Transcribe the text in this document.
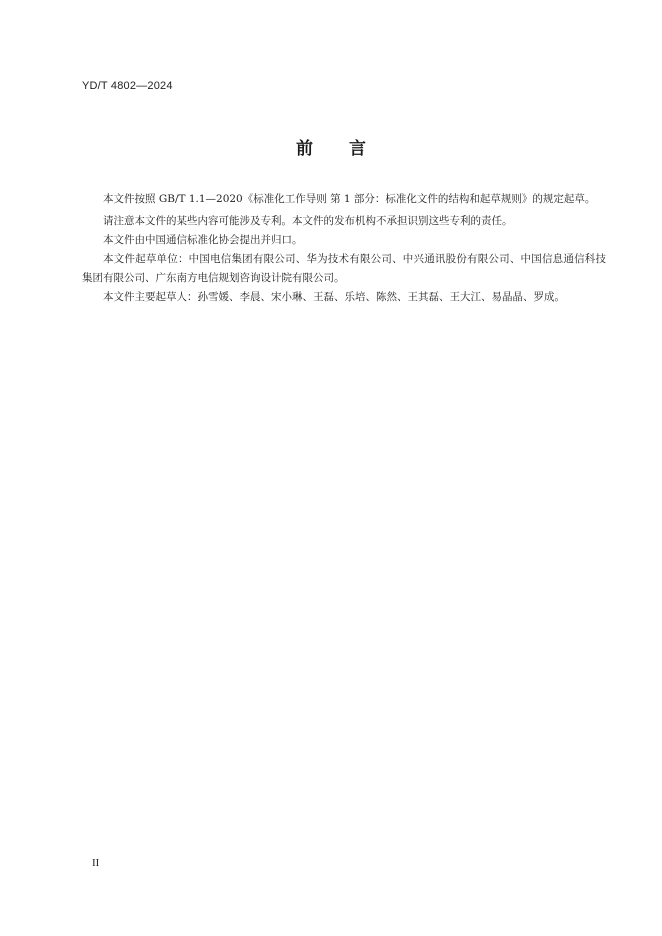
YD/T 4802—2024
前 言

本文件按照 GB/T 1.1—2020《标准化工作导则 第 1 部分：标准化文件的结构和起草规则》的规定起草。

请注意本文件的某些内容可能涉及专利。本文件的发布机构不承担识别这些专利的责任。

本文件由中国通信标准化协会提出并归口。

本文件起草单位：中国电信集团有限公司、华为技术有限公司、中兴通讯股份有限公司、中国信息通信科技集团有限公司、广东南方电信规划咨询设计院有限公司。

本文件主要起草人：孙雪媛、李晨、宋小琳、王磊、乐培、陈然、王其磊、王大江、易晶晶、罗成。

II
